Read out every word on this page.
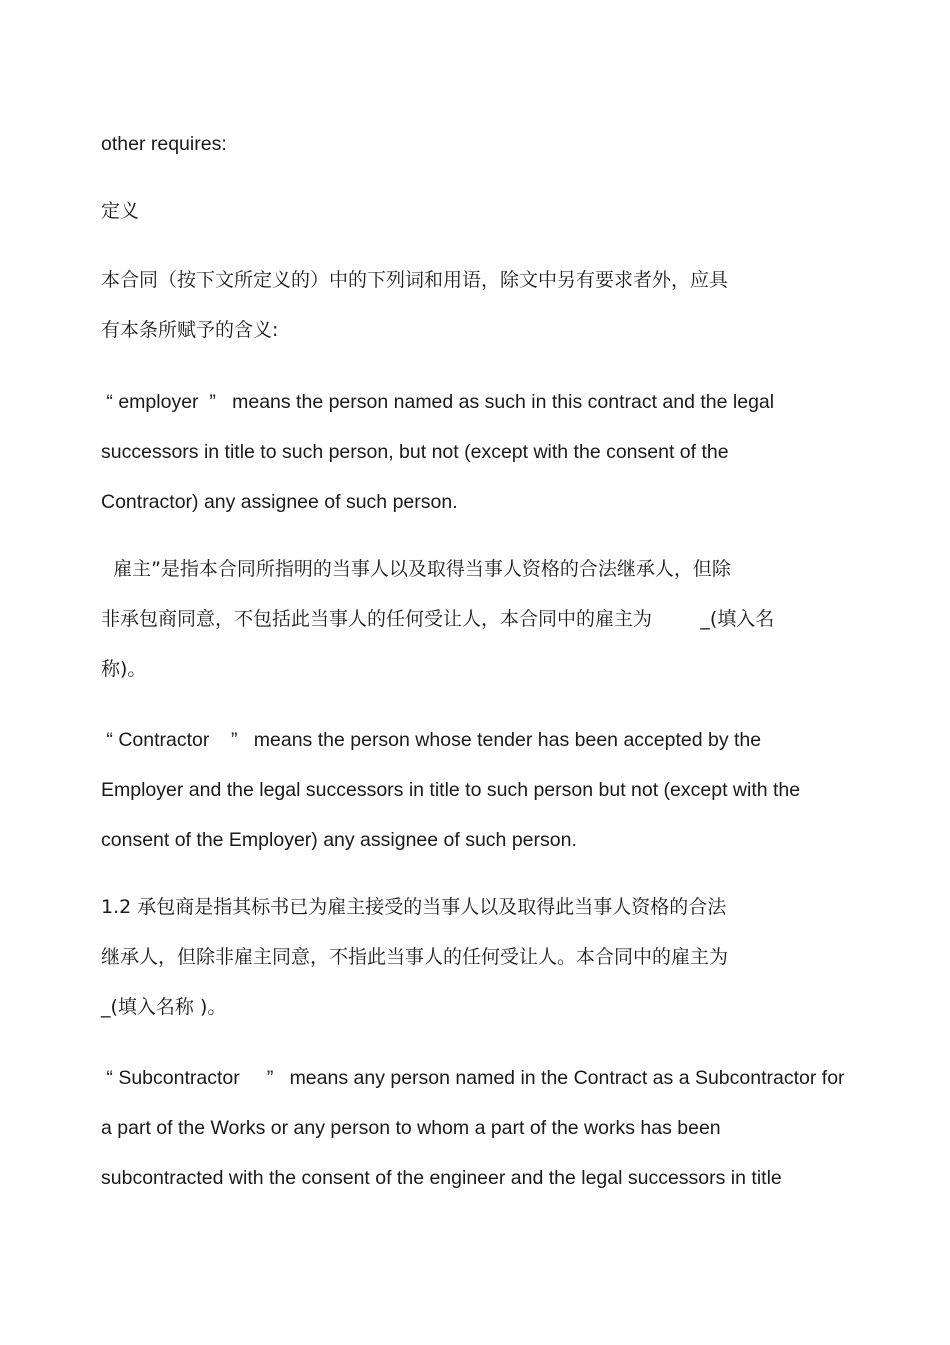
other requires:

定义

本合同（按下文所定义的）中的下列词和用语，除文中另有要求者外，应具

有本条所赋予的含义:

“ employer  ”   means the person named as such in this contract and the legal

successors in title to such person, but not (except with the consent of the

Contractor) any assignee of such person.

雇主”是指本合同所指明的当事人以及取得当事人资格的合法继承人，但除

非承包商同意，不包括此当事人的任何受让人，本合同中的雇主为        _(填入名

称)。

“ Contractor    ”   means the person whose tender has been accepted by the

Employer and the legal successors in title to such person but not (except with the

consent of the Employer) any assignee of such person.

1.2 承包商是指其标书已为雇主接受的当事人以及取得此当事人资格的合法

继承人，但除非雇主同意，不指此当事人的任何受让人。本合同中的雇主为

_(填入名称 )。

“ Subcontractor     ”   means any person named in the Contract as a Subcontractor for

a part of the Works or any person to whom a part of the works has been

subcontracted with the consent of the engineer and the legal successors in title
